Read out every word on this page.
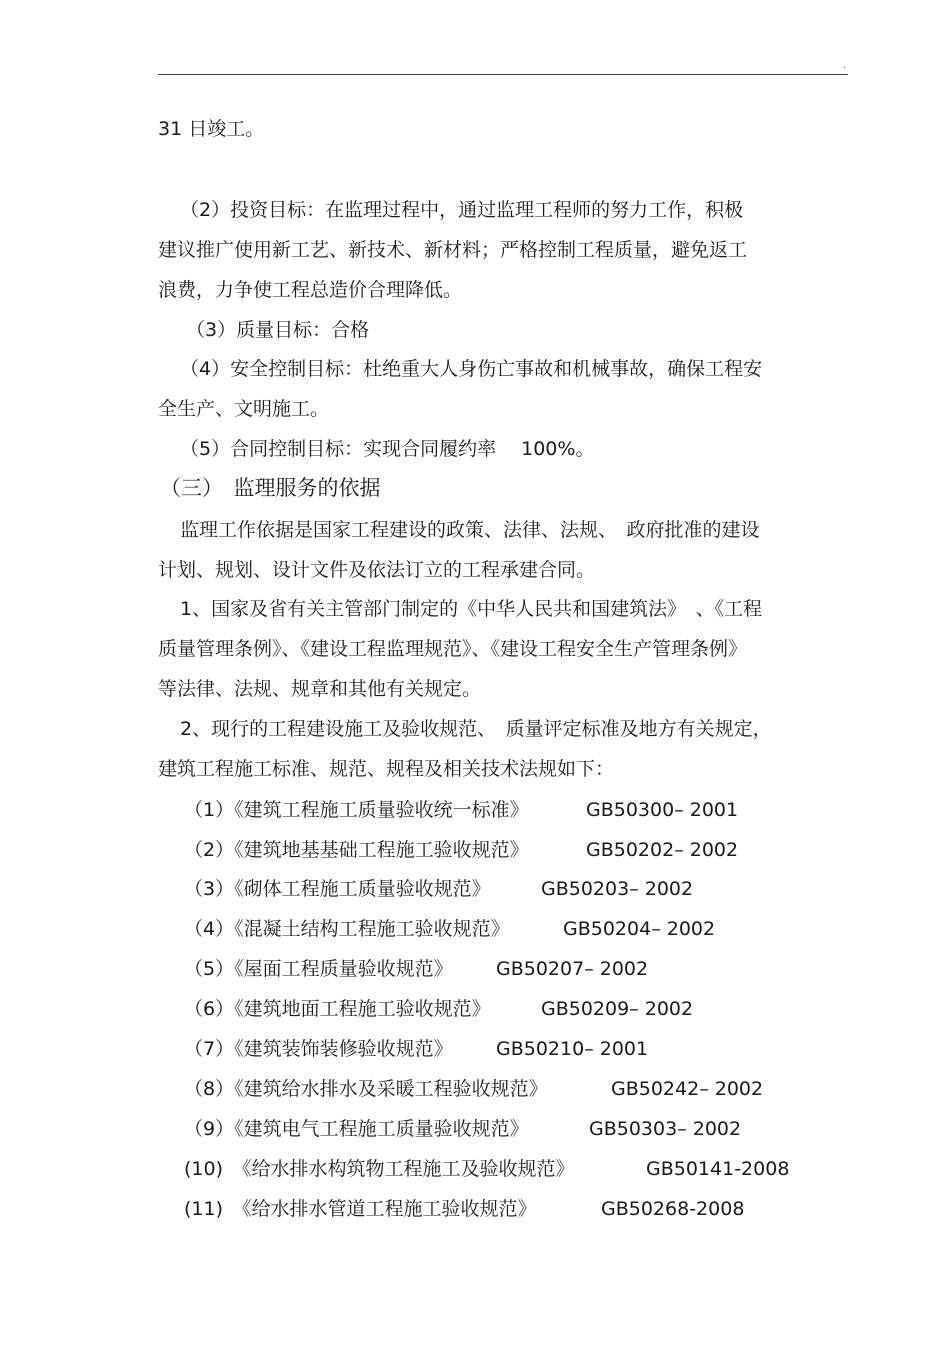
.
31 日竣工。
（2）投资目标：在监理过程中，通过监理工程师的努力工作，积极
建议推广使用新工艺、新技术、新材料；严格控制工程质量，避免返工
浪费，力争使工程总造价合理降低。
（3）质量目标：合格
（4）安全控制目标：杜绝重大人身伤亡事故和机械事故，确保工程安
全生产、文明施工。
（5）合同控制目标：实现合同履约率　 100%。
（三）　监理服务的依据
监理工作依据是国家工程建设的政策、法律、法规、　政府批准的建设
计划、规划、设计文件及依法订立的工程承建合同。
1、国家及省有关主管部门制定的《中华人民共和国建筑法》　、《工程
质量管理条例》、《建设工程监理规范》、《建设工程安全生产管理条例》
等法律、法规、规章和其他有关规定。
2、现行的工程建设施工及验收规范、　质量评定标准及地方有关规定，
建筑工程施工标准、规范、规程及相关技术法规如下：
（1）《建筑工程施工质量验收统一标准》	GB50300– 2001
（2）《建筑地基基础工程施工验收规范》	GB50202– 2002
（3）《砌体工程施工质量验收规范》	GB50203– 2002
（4）《混凝土结构工程施工验收规范》	GB50204– 2002
（5）《屋面工程质量验收规范》 GB50207– 2002
（6）《建筑地面工程施工验收规范》	GB50209– 2002
（7）《建筑装饰装修验收规范》 GB50210– 2001
（8）《建筑给水排水及采暖工程验收规范》	GB50242– 2002
（9）《建筑电气工程施工质量验收规范》	GB50303– 2002
(10)　《给水排水构筑物工程施工及验收规范》	GB50141-2008
(11)　《给水排水管道工程施工验收规范》	GB50268-2008
